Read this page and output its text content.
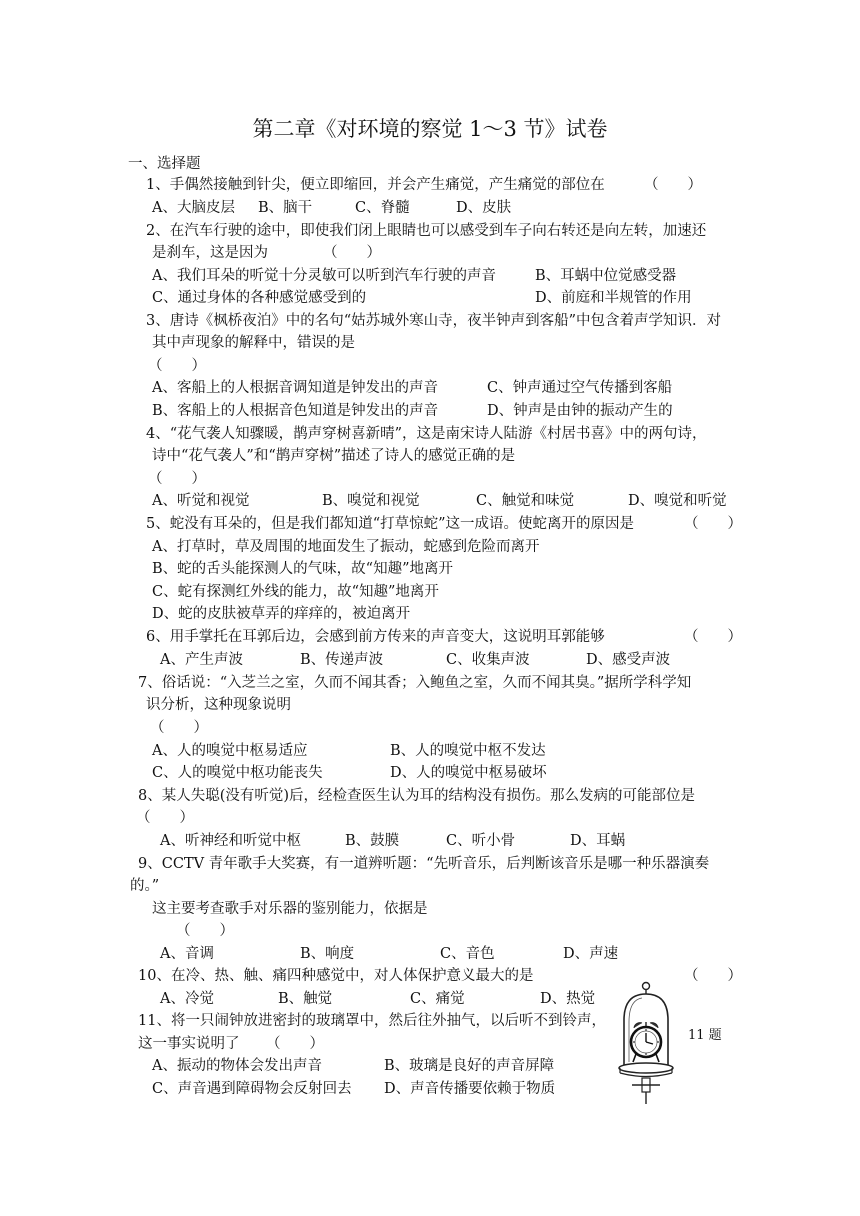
第二章《对环境的察觉 1～3 节》试卷
一、选择题
1、手偶然接触到针尖，便立即缩回，并会产生痛觉，产生痛觉的部位在	（　　）
A、大脑皮层 B、脑干	C、脊髓	D、皮肤
2、在汽车行驶的途中，即使我们闭上眼睛也可以感受到车子向右转还是向左转，加速还
是刹车，这是因为	（　　）
A、我们耳朵的听觉十分灵敏可以听到汽车行驶的声音	B、耳蜗中位觉感受器
C、通过身体的各种感觉感受到的	D、前庭和半规管的作用
3、唐诗《枫桥夜泊》中的名句“姑苏城外寒山寺，夜半钟声到客船”中包含着声学知识．对
其中声现象的解释中，错误的是
（　　）
A、客船上的人根据音调知道是钟发出的声音	C、钟声通过空气传播到客船
B、客船上的人根据音色知道是钟发出的声音	D、钟声是由钟的振动产生的
4、“花气袭人知骤暖，鹊声穿树喜新晴”，这是南宋诗人陆游《村居书喜》中的两句诗，
诗中“花气袭人”和“鹊声穿树”描述了诗人的感觉正确的是
（　　）
A、听觉和视觉	B、嗅觉和视觉	C、触觉和味觉	D、嗅觉和听觉
5、蛇没有耳朵的，但是我们都知道“打草惊蛇”这一成语。使蛇离开的原因是	（　　）
A、打草时，草及周围的地面发生了振动，蛇感到危险而离开
B、蛇的舌头能探测人的气味，故“知趣”地离开
C、蛇有探测红外线的能力，故“知趣”地离开
D、蛇的皮肤被草弄的痒痒的，被迫离开
6、用手掌托在耳郭后边，会感到前方传来的声音变大，这说明耳郭能够	（　　）
A、产生声波	B、传递声波	C、收集声波	D、感受声波
7、俗话说：“入芝兰之室，久而不闻其香；入鲍鱼之室，久而不闻其臭。”据所学科学知
识分析，这种现象说明
（　　）
A、人的嗅觉中枢易适应	B、人的嗅觉中枢不发达
C、人的嗅觉中枢功能丧失	D、人的嗅觉中枢易破坏
8、某人失聪(没有听觉)后，经检查医生认为耳的结构没有损伤。那么发病的可能部位是
（　　）
A、听神经和听觉中枢	B、鼓膜	C、听小骨	D、耳蜗
9、CCTV 青年歌手大奖赛，有一道辨听题：“先听音乐，后判断该音乐是哪一种乐器演奏
的。”
这主要考查歌手对乐器的鉴别能力，依据是
（　　）
A、音调	B、响度	C、音色	D、声速
10、在冷、热、触、痛四种感觉中，对人体保护意义最大的是	（　　）
A、冷觉	B、触觉	C、痛觉	D、热觉
11、将一只闹钟放进密封的玻璃罩中，然后往外抽气，以后听不到铃声，
这一事实说明了 （　　）
A、振动的物体会发出声音	B、玻璃是良好的声音屏障
C、声音遇到障碍物会反射回去 D、声音传播要依赖于物质
11 题
